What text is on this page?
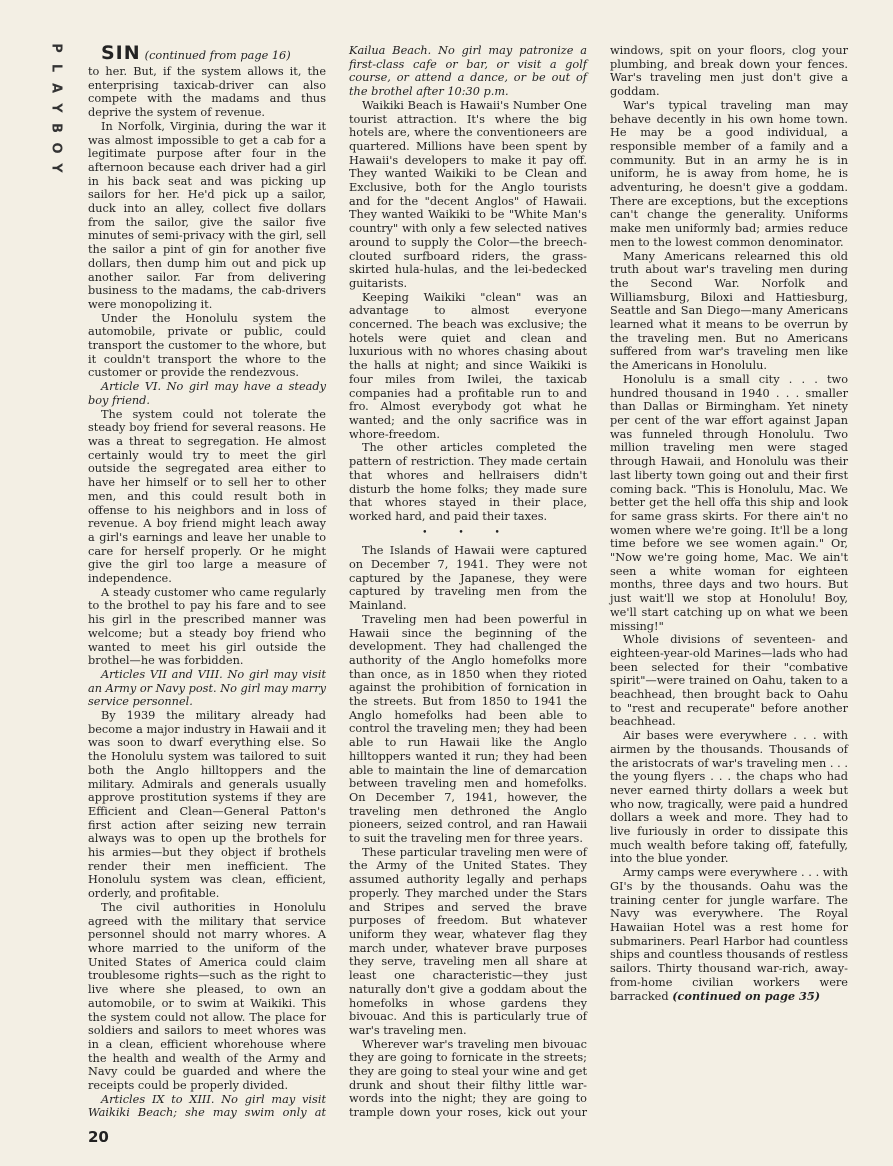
P
L
A
Y
B
O
Y

SIN (continued from page 16)

to her. But, if the system allows it, the enterprising taxicab-driver can also compete with the madams and thus deprive the system of revenue.

In Norfolk, Virginia, during the war it was almost impossible to get a cab for a legitimate purpose after four in the afternoon because each driver had a girl in his back seat and was picking up sailors for her. He'd pick up a sailor, duck into an alley, collect five dollars from the sailor, give the sailor five minutes of semi-privacy with the girl, sell the sailor a pint of gin for another five dollars, then dump him out and pick up another sailor. Far from delivering business to the madams, the cab-drivers were monopolizing it.

Under the Honolulu system the automobile, private or public, could transport the customer to the whore, but it couldn't transport the whore to the customer or provide the rendezvous.

Article VI. No girl may have a steady boy friend.

The system could not tolerate the steady boy friend for several reasons. He was a threat to segregation. He almost certainly would try to meet the girl outside the segregated area either to have her himself or to sell her to other men, and this could result both in offense to his neighbors and in loss of revenue. A boy friend might leach away a girl's earnings and leave her unable to care for herself properly. Or he might give the girl too large a measure of independence.

A steady customer who came regularly to the brothel to pay his fare and to see his girl in the prescribed manner was welcome; but a steady boy friend who wanted to meet his girl outside the brothel—he was forbidden.

Articles VII and VIII. No girl may visit an Army or Navy post. No girl may marry service personnel.

By 1939 the military already had become a major industry in Hawaii and it was soon to dwarf everything else. So the Honolulu system was tailored to suit both the Anglo hilltoppers and the military. Admirals and generals usually approve prostitution systems if they are Efficient and Clean—General Patton's first action after seizing new terrain always was to open up the brothels for his armies—but they object if brothels render their men inefficient. The Honolulu system was clean, efficient, orderly, and profitable.

The civil authorities in Honolulu agreed with the military that service personnel should not marry whores. A whore married to the uniform of the United States of America could claim troublesome rights—such as the right to live where she pleased, to own an automobile, or to swim at Waikiki. This the system could not allow. The place for soldiers and sailors to meet whores was in a clean, efficient whorehouse where the health and wealth of the Army and Navy could be guarded and where the receipts could be properly divided.

Articles IX to XIII. No girl may visit Waikiki Beach; she may swim only at Kailua Beach. No girl may patronize a first-class cafe or bar, or visit a golf course, or attend a dance, or be out of the brothel after 10:30 p.m.

Waikiki Beach is Hawaii's Number One tourist attraction. It's where the big hotels are, where the conventioneers are quartered. Millions have been spent by Hawaii's developers to make it pay off. They wanted Waikiki to be Clean and Exclusive, both for the Anglo tourists and for the "decent Anglos" of Hawaii. They wanted Waikiki to be "White Man's country" with only a few selected natives around to supply the Color—the breech-clouted surfboard riders, the grass-skirted hula-hulas, and the lei-bedecked guitarists.

Keeping Waikiki "clean" was an advantage to almost everyone concerned. The beach was exclusive; the hotels were quiet and clean and luxurious with no whores chasing about the halls at night; and since Waikiki is four miles from Iwilei, the taxicab companies had a profitable run to and fro. Almost everybody got what he wanted; and the only sacrifice was in whore-freedom.

The other articles completed the pattern of restriction. They made certain that whores and hellraisers didn't disturb the home folks; they made sure that whores stayed in their place, worked hard, and paid their taxes.

• • •

The Islands of Hawaii were captured on December 7, 1941. They were not captured by the Japanese, they were captured by traveling men from the Mainland.

Traveling men had been powerful in Hawaii since the beginning of the development. They had challenged the authority of the Anglo homefolks more than once, as in 1850 when they rioted against the prohibition of fornication in the streets. But from 1850 to 1941 the Anglo homefolks had been able to control the traveling men; they had been able to run Hawaii like the Anglo hilltoppers wanted it run; they had been able to maintain the line of demarcation between traveling men and homefolks. On December 7, 1941, however, the traveling men dethroned the Anglo pioneers, seized control, and ran Hawaii to suit the traveling men for three years.

These particular traveling men were of the Army of the United States. They assumed authority legally and perhaps properly. They marched under the Stars and Stripes and served the brave purposes of freedom. But whatever uniform they wear, whatever flag they march under, whatever brave purposes they serve, traveling men all share at least one characteristic—they just naturally don't give a goddam about the homefolks in whose gardens they bivouac. And this is particularly true of war's traveling men.

Wherever war's traveling men bivouac they are going to fornicate in the streets; they are going to steal your wine and get drunk and shout their filthy little war-words into the night; they are going to trample down your roses, kick out your windows, spit on your floors, clog your plumbing, and break down your fences. War's traveling men just don't give a goddam.

War's typical traveling man may behave decently in his own home town. He may be a good individual, a responsible member of a family and a community. But in an army he is in uniform, he is away from home, he is adventuring, he doesn't give a goddam. There are exceptions, but the exceptions can't change the generality. Uniforms make men uniformly bad; armies reduce men to the lowest common denominator.

Many Americans relearned this old truth about war's traveling men during the Second War. Norfolk and Williamsburg, Biloxi and Hattiesburg, Seattle and San Diego—many Americans learned what it means to be overrun by the traveling men. But no Americans suffered from war's traveling men like the Americans in Honolulu.

Honolulu is a small city . . . two hundred thousand in 1940 . . . smaller than Dallas or Birmingham. Yet ninety per cent of the war effort against Japan was funneled through Honolulu. Two million traveling men were staged through Hawaii, and Honolulu was their last liberty town going out and their first coming back. "This is Honolulu, Mac. We better get the hell offa this ship and look for same grass skirts. For there ain't no women where we're going. It'll be a long time before we see women again." Or, "Now we're going home, Mac. We ain't seen a white woman for eighteen months, three days and two hours. But just wait'll we stop at Honolulu! Boy, we'll start catching up on what we been missing!"

Whole divisions of seventeen- and eighteen-year-old Marines—lads who had been selected for their "combative spirit"—were trained on Oahu, taken to a beachhead, then brought back to Oahu to "rest and recuperate" before another beachhead.

Air bases were everywhere . . . with airmen by the thousands. Thousands of the aristocrats of war's traveling men . . . the young flyers . . . the chaps who had never earned thirty dollars a week but who now, tragically, were paid a hundred dollars a week and more. They had to live furiously in order to dissipate this much wealth before taking off, fatefully, into the blue yonder.

Army camps were everywhere . . . with GI's by the thousands. Oahu was the training center for jungle warfare. The Navy was everywhere. The Royal Hawaiian Hotel was a rest home for submariners. Pearl Harbor had countless ships and countless thousands of restless sailors. Thirty thousand war-rich, away-from-home civilian workers were barracked (continued on page 35)

20
